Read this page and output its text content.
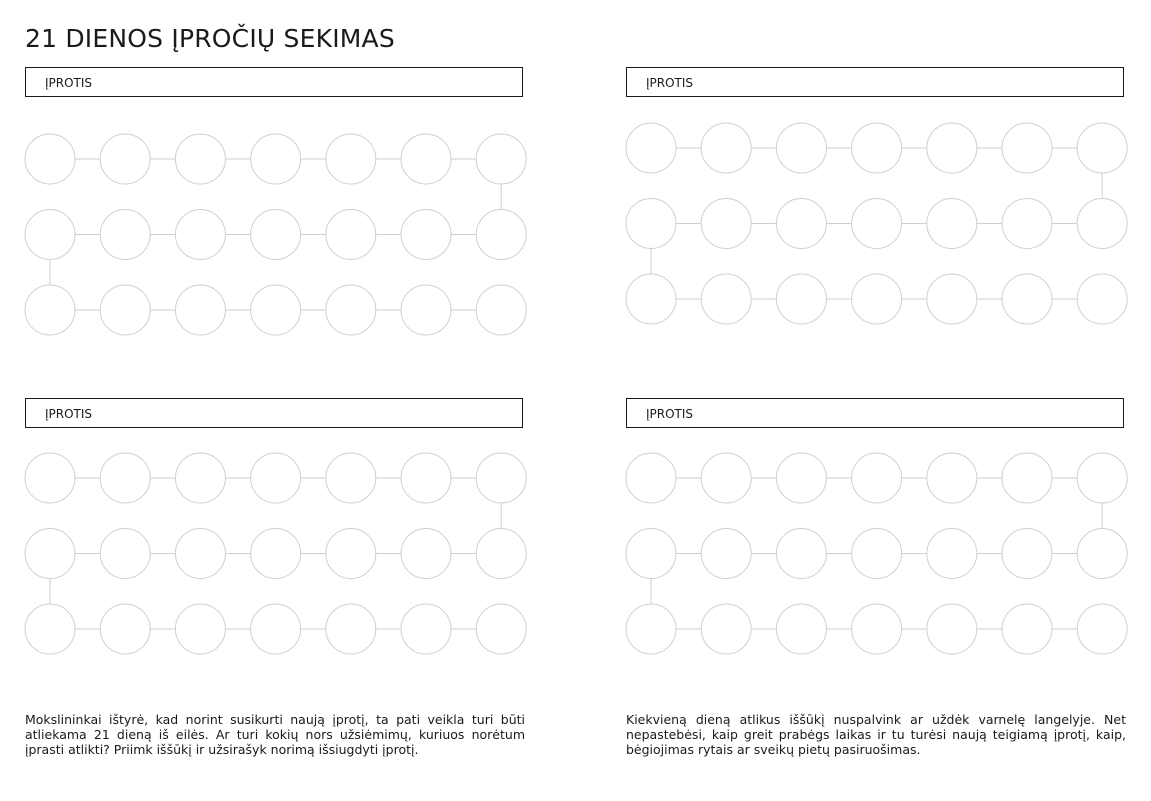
21 DIENOS ĮPROČIŲ SEKIMAS
ĮPROTIS	ĮPROTIS
ĮPROTIS	ĮPROTIS

Mokslininkai ištyrė, kad norint susikurti naują įprotį, ta pati veikla turi būti atliekama 21 dieną iš eilės. Ar turi kokių nors užsiėmimų, kuriuos norėtum įprasti atlikti? Priimk iššūkį ir užsirašyk norimą išsiugdyti įprotį.

Kiekvieną dieną atlikus iššūkį nuspalvink ar uždėk varnelę langelyje. Net nepastebėsi, kaip greit prabėgs laikas ir tu turėsi naują teigiamą įprotį, kaip, bėgiojimas rytais ar sveikų pietų pasiruošimas.
